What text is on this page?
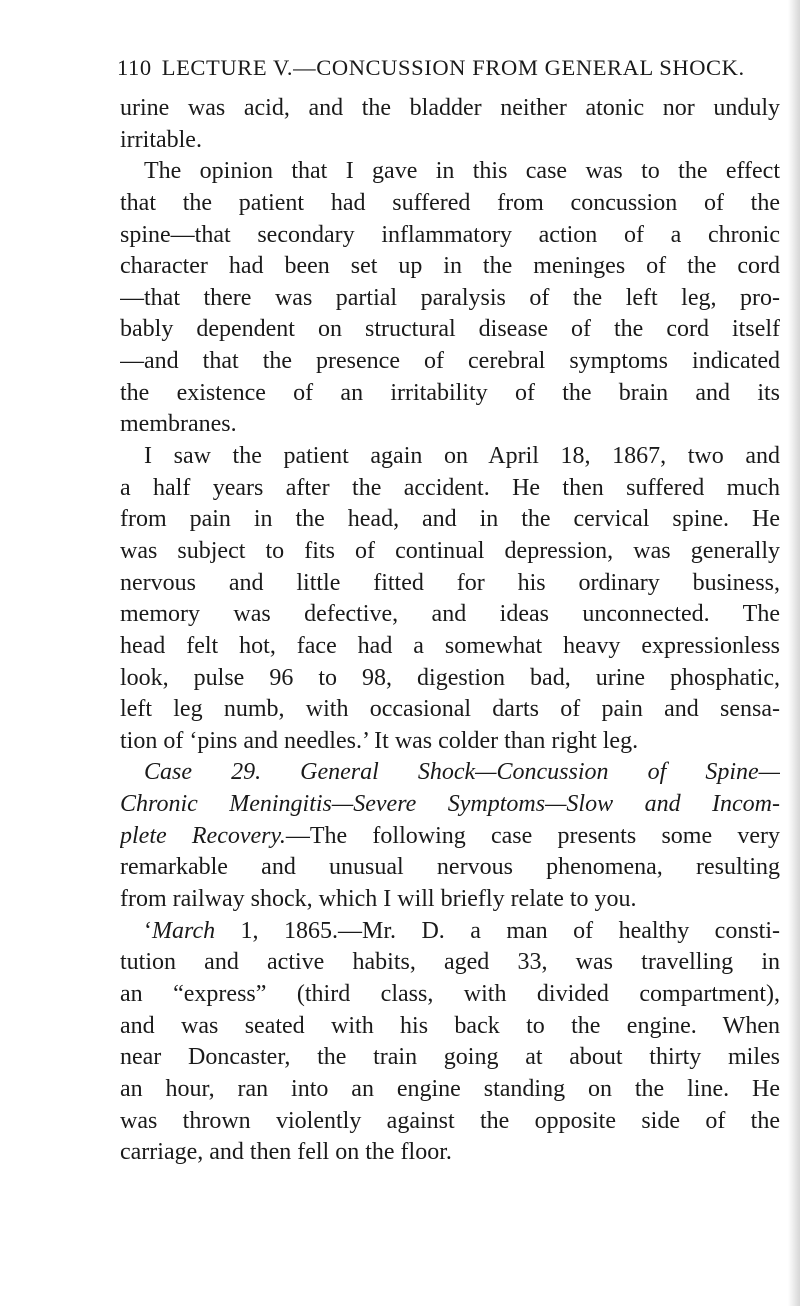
110 LECTURE V.—CONCUSSION FROM GENERAL SHOCK.
urine was acid, and the bladder neither atonic nor unduly
irritable.
The opinion that I gave in this case was to the effect
that the patient had suffered from concussion of the
spine—that secondary inflammatory action of a chronic
character had been set up in the meninges of the cord
—that there was partial paralysis of the left leg, pro-
bably dependent on structural disease of the cord itself
—and that the presence of cerebral symptoms indicated
the existence of an irritability of the brain and its
membranes.
I saw the patient again on April 18, 1867, two and
a half years after the accident. He then suffered much
from pain in the head, and in the cervical spine. He
was subject to fits of continual depression, was generally
nervous and little fitted for his ordinary business,
memory was defective, and ideas unconnected. The
head felt hot, face had a somewhat heavy expressionless
look, pulse 96 to 98, digestion bad, urine phosphatic,
left leg numb, with occasional darts of pain and sensa-
tion of ‘pins and needles.’ It was colder than right leg.
Case 29. General Shock—Concussion of Spine—
Chronic Meningitis—Severe Symptoms—Slow and Incom-
plete Recovery.—The following case presents some very
remarkable and unusual nervous phenomena, resulting
from railway shock, which I will briefly relate to you.
‘March 1, 1865.—Mr. D. a man of healthy consti-
tution and active habits, aged 33, was travelling in
an “express” (third class, with divided compartment),
and was seated with his back to the engine. When
near Doncaster, the train going at about thirty miles
an hour, ran into an engine standing on the line. He
was thrown violently against the opposite side of the
carriage, and then fell on the floor.
